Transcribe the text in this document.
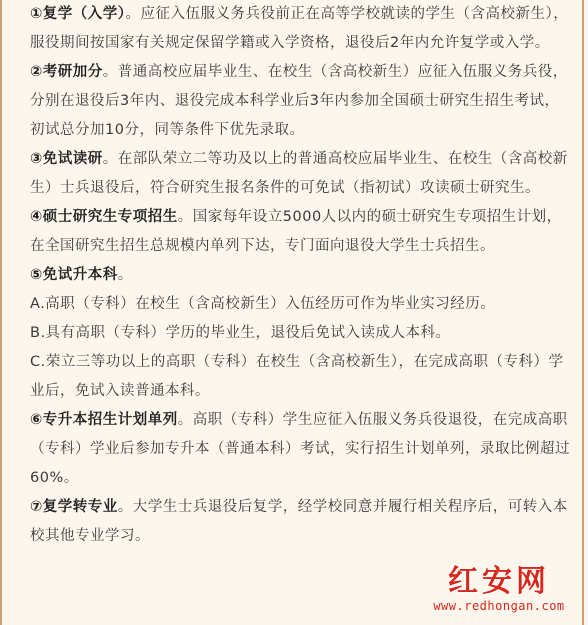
①复学（入学）。应征入伍服义务兵役前正在高等学校就读的学生（含高校新生），服役期间按国家有关规定保留学籍或入学资格，退役后2年内允许复学或入学。

②考研加分。普通高校应届毕业生、在校生（含高校新生）应征入伍服义务兵役，分别在退役后3年内、退役完成本科学业后3年内参加全国硕士研究生招生考试，初试总分加10分，同等条件下优先录取。

③免试读研。在部队荣立二等功及以上的普通高校应届毕业生、在校生（含高校新生）士兵退役后，符合研究生报名条件的可免试（指初试）攻读硕士研究生。

④硕士研究生专项招生。国家每年设立5000人以内的硕士研究生专项招生计划，在全国研究生招生总规模内单列下达，专门面向退役大学生士兵招生。

⑤免试升本科。

A.高职（专科）在校生（含高校新生）入伍经历可作为毕业实习经历。

B.具有高职（专科）学历的毕业生，退役后免试入读成人本科。

C.荣立三等功以上的高职（专科）在校生（含高校新生），在完成高职（专科）学业后，免试入读普通本科。

⑥专升本招生计划单列。高职（专科）学生应征入伍服义务兵役退役，在完成高职（专科）学业后参加专升本（普通本科）考试，实行招生计划单列，录取比例超过60%。

⑦复学转专业。大学生士兵退役后复学，经学校同意并履行相关程序后，可转入本校其他专业学习。

红安网
www.redhongan.com
